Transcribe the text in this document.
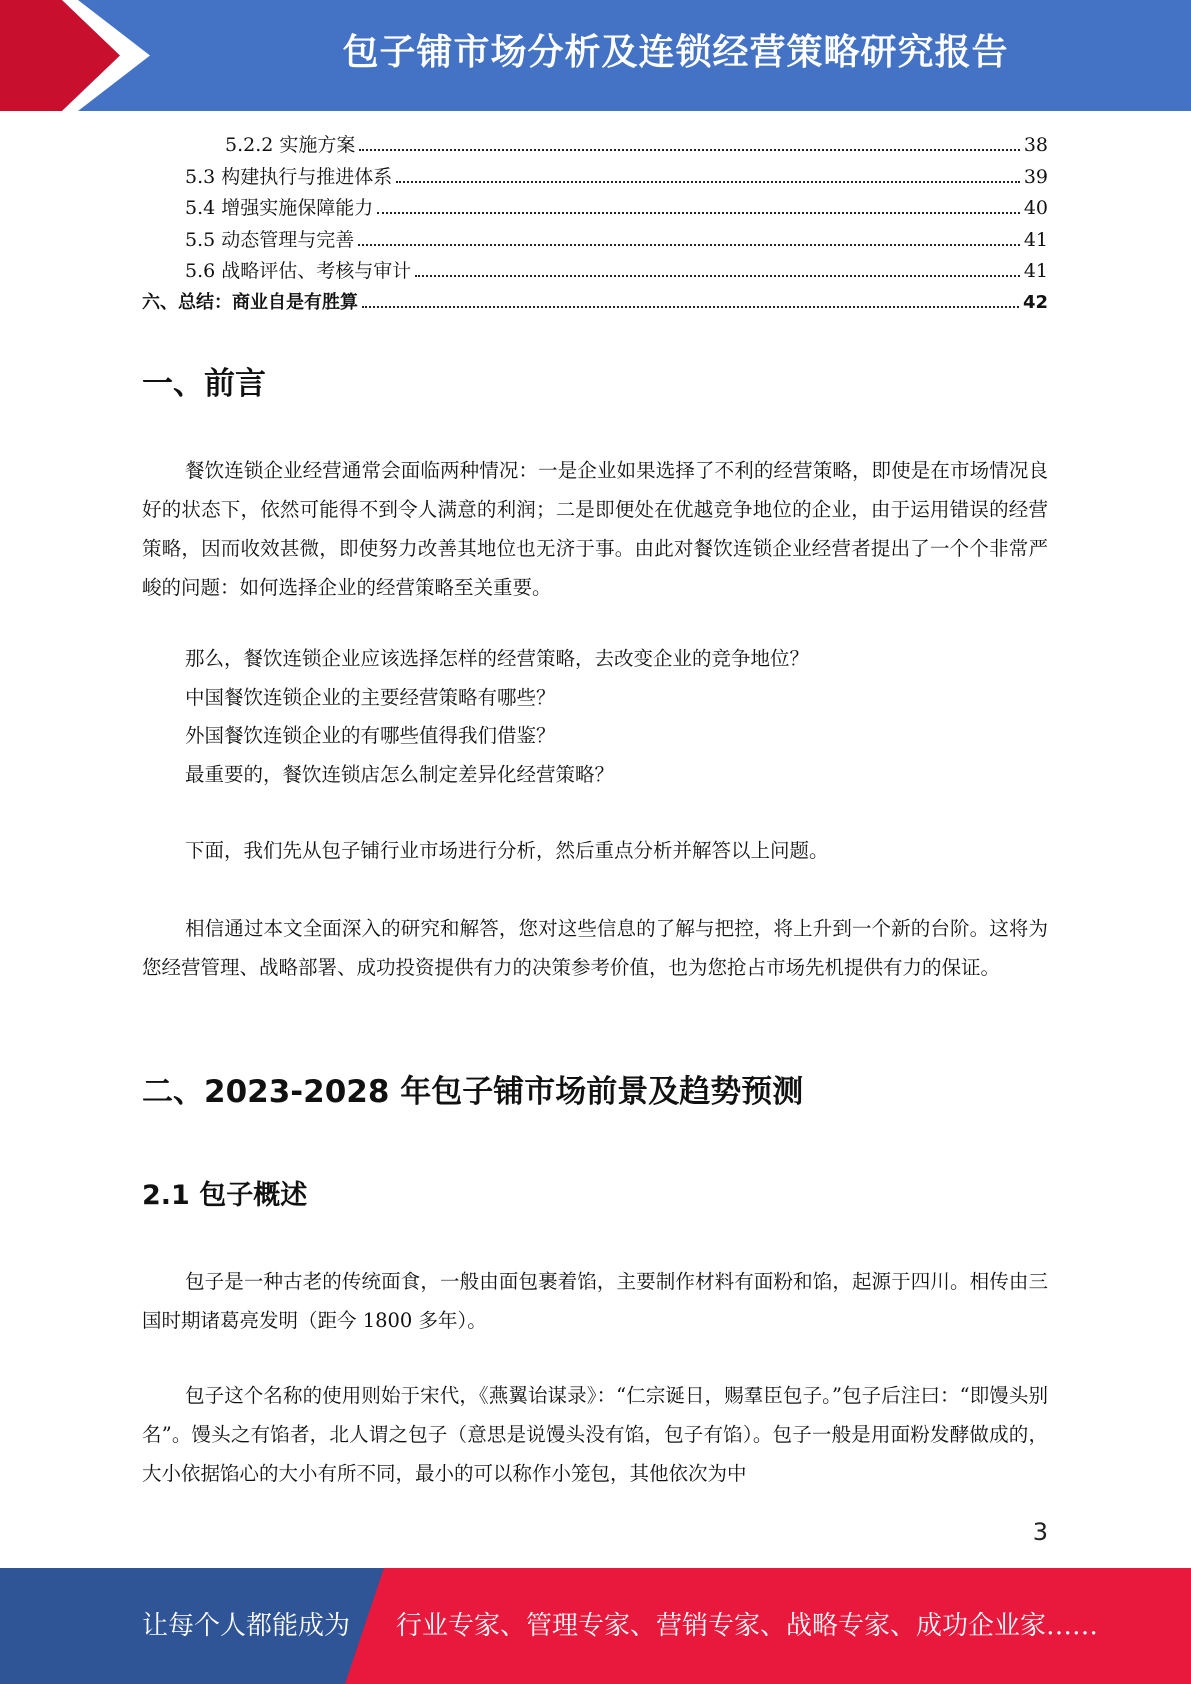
包子铺市场分析及连锁经营策略研究报告
5.2.2 实施方案	38
5.3 构建执行与推进体系	39
5.4 增强实施保障能力	40
5.5 动态管理与完善	41
5.6 战略评估、考核与审计	41
六、总结：商业自是有胜算	42
一、前言

餐饮连锁企业经营通常会面临两种情况：一是企业如果选择了不利的经营策略，即使是在市场情况良好的状态下，依然可能得不到令人满意的利润；二是即便处在优越竞争地位的企业，由于运用错误的经营策略，因而收效甚微，即使努力改善其地位也无济于事。由此对餐饮连锁企业经营者提出了一个个非常严峻的问题：如何选择企业的经营策略至关重要。

那么，餐饮连锁企业应该选择怎样的经营策略，去改变企业的竞争地位？
中国餐饮连锁企业的主要经营策略有哪些？
外国餐饮连锁企业的有哪些值得我们借鉴？
最重要的，餐饮连锁店怎么制定差异化经营策略？

下面，我们先从包子铺行业市场进行分析，然后重点分析并解答以上问题。

相信通过本文全面深入的研究和解答，您对这些信息的了解与把控，将上升到一个新的台阶。这将为您经营管理、战略部署、成功投资提供有力的决策参考价值，也为您抢占市场先机提供有力的保证。

二、2023-2028 年包子铺市场前景及趋势预测
2.1 包子概述

包子是一种古老的传统面食，一般由面包裹着馅，主要制作材料有面粉和馅，起源于四川。相传由三国时期诸葛亮发明（距今 1800 多年）。

包子这个名称的使用则始于宋代，《燕翼诒谋录》：“仁宗诞日，赐羣臣包子。”包子后注曰：“即馒头别名”。馒头之有馅者，北人谓之包子（意思是说馒头没有馅，包子有馅）。包子一般是用面粉发酵做成的，大小依据馅心的大小有所不同，最小的可以称作小笼包，其他依次为中

3
让每个人都能成为 行业专家、管理专家、营销专家、战略专家、成功企业家……
